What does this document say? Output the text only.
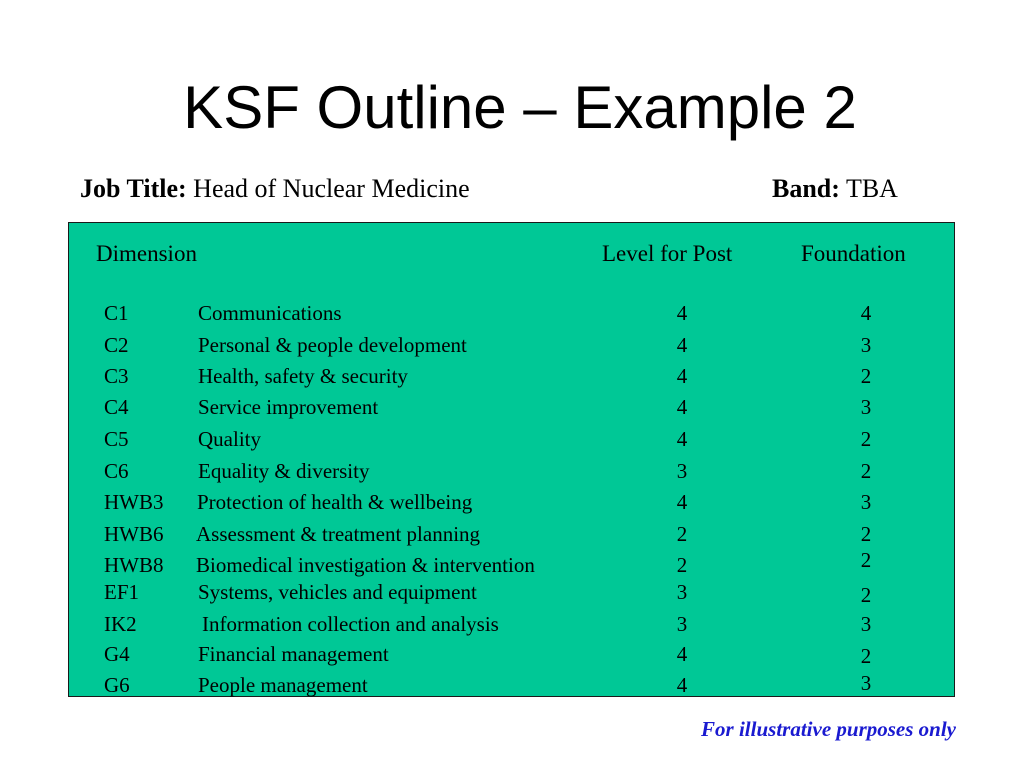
KSF Outline – Example 2
Job Title: Head of Nuclear Medicine	Band: TBA
Dimension	Level for Post	Foundation
C1	Communications	4	4
C2	Personal & people development	4	3
C3	Health, safety & security	4	2
C4	Service improvement	4	3
C5	Quality	4	2
C6	Equality & diversity	3	2
HWB3 Protection of health & wellbeing	4	3
HWB6 Assessment & treatment planning	2	2
HWB8 Biomedical investigation & intervention	2	2
EF1	Systems, vehicles and equipment	3	2
IK2	Information collection and analysis	3	3
G4	Financial management	4	2
G6	People management	4	3
For illustrative purposes only
